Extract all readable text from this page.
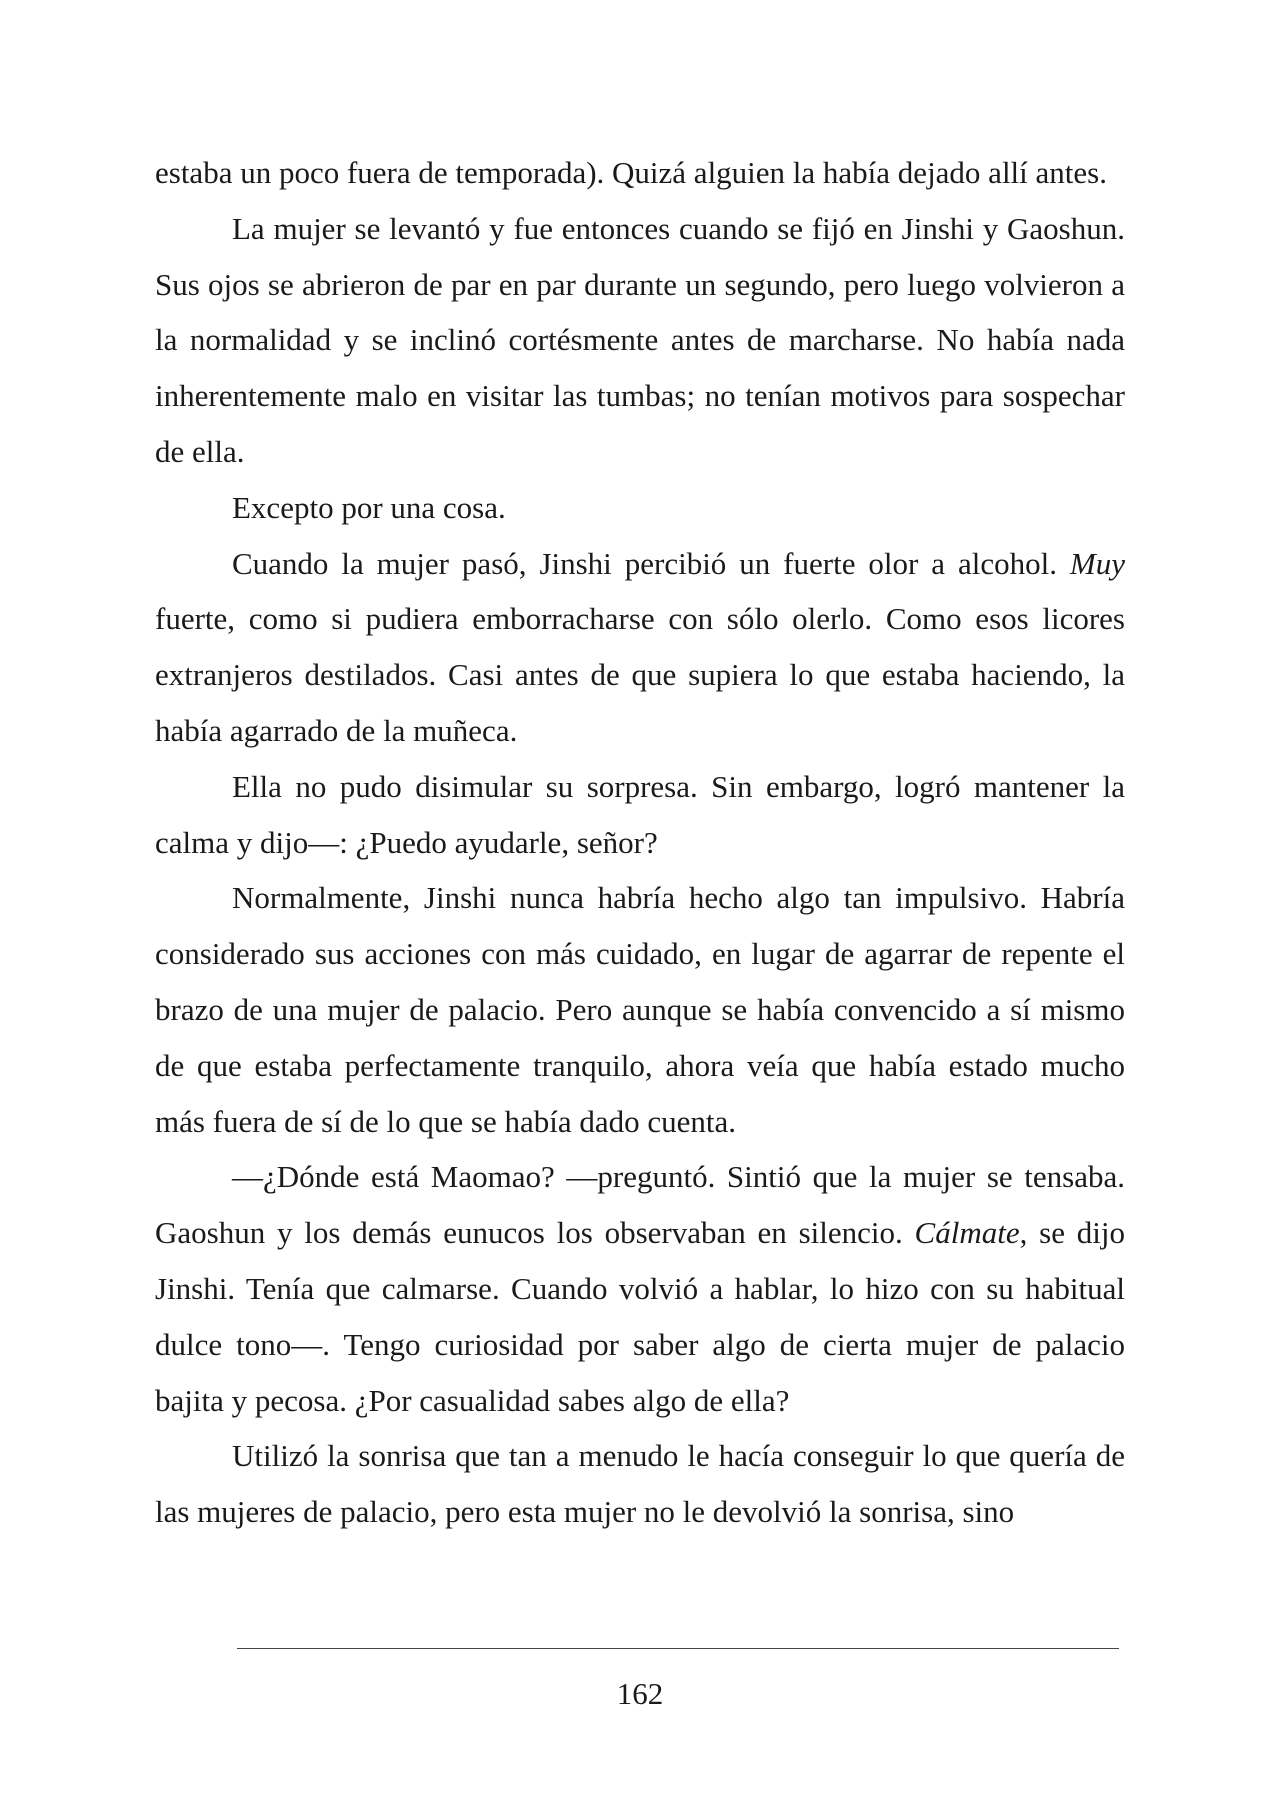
estaba un poco fuera de temporada). Quizá alguien la había dejado allí antes.

La mujer se levantó y fue entonces cuando se fijó en Jinshi y Gaoshun. Sus ojos se abrieron de par en par durante un segundo, pero luego volvieron a la normalidad y se inclinó cortésmente antes de marcharse. No había nada inherentemente malo en visitar las tumbas; no tenían motivos para sospechar de ella.

Excepto por una cosa.

Cuando la mujer pasó, Jinshi percibió un fuerte olor a alcohol. Muy fuerte, como si pudiera emborracharse con sólo olerlo. Como esos licores extranjeros destilados. Casi antes de que supiera lo que estaba haciendo, la había agarrado de la muñeca.

Ella no pudo disimular su sorpresa. Sin embargo, logró mantener la calma y dijo—: ¿Puedo ayudarle, señor?

Normalmente, Jinshi nunca habría hecho algo tan impulsivo. Habría considerado sus acciones con más cuidado, en lugar de agarrar de repente el brazo de una mujer de palacio. Pero aunque se había convencido a sí mismo de que estaba perfectamente tranquilo, ahora veía que había estado mucho más fuera de sí de lo que se había dado cuenta.

—¿Dónde está Maomao? —preguntó. Sintió que la mujer se tensaba. Gaoshun y los demás eunucos los observaban en silencio. Cálmate, se dijo Jinshi. Tenía que calmarse. Cuando volvió a hablar, lo hizo con su habitual dulce tono—. Tengo curiosidad por saber algo de cierta mujer de palacio bajita y pecosa. ¿Por casualidad sabes algo de ella?

Utilizó la sonrisa que tan a menudo le hacía conseguir lo que quería de las mujeres de palacio, pero esta mujer no le devolvió la sonrisa, sino

162
